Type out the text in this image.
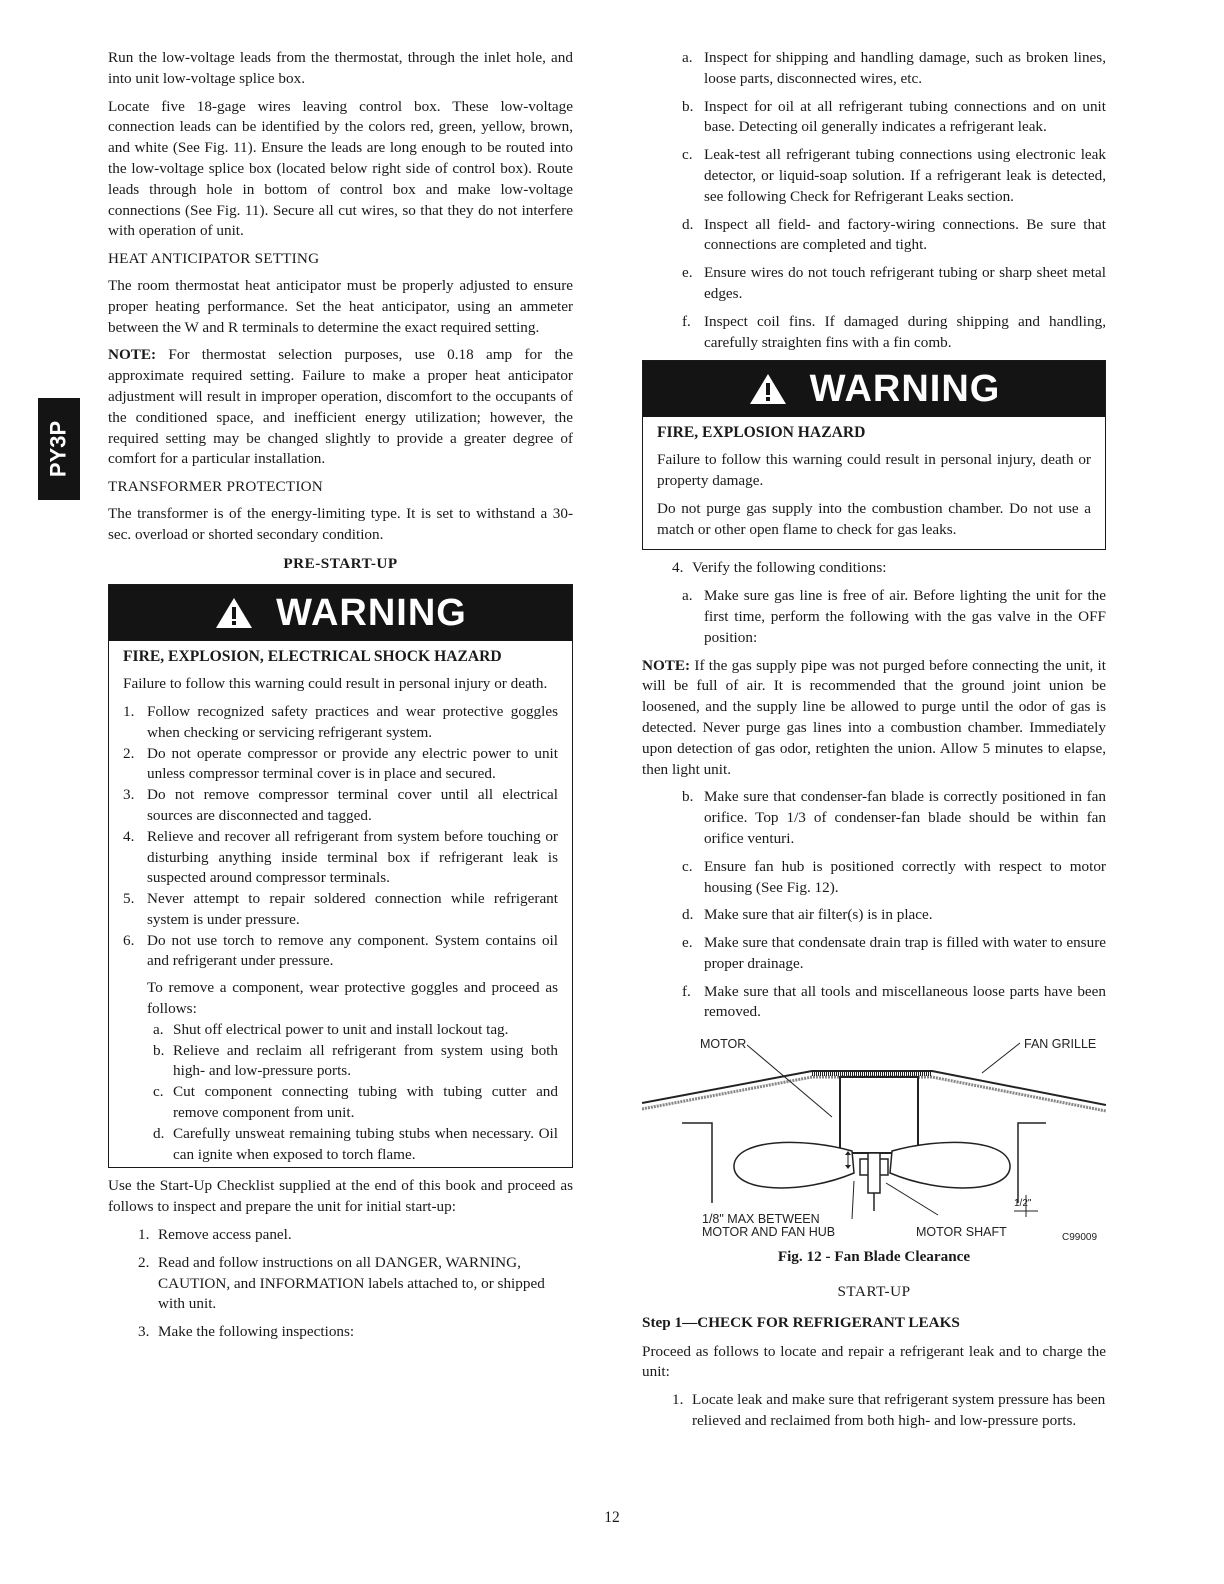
PY3P

Run the low-voltage leads from the thermostat, through the inlet hole, and into unit low-voltage splice box.

Locate five 18-gage wires leaving control box. These low-voltage connection leads can be identified by the colors red, green, yellow, brown, and white (See Fig. 11). Ensure the leads are long enough to be routed into the low-voltage splice box (located below right side of control box). Route leads through hole in bottom of control box and make low-voltage connections (See Fig. 11). Secure all cut wires, so that they do not interfere with operation of unit.

HEAT ANTICIPATOR SETTING

The room thermostat heat anticipator must be properly adjusted to ensure proper heating performance. Set the heat anticipator, using an ammeter between the W and R terminals to determine the exact required setting.

NOTE: For thermostat selection purposes, use 0.18 amp for the approximate required setting. Failure to make a proper heat anticipator adjustment will result in improper operation, discomfort to the occupants of the conditioned space, and inefficient energy utilization; however, the required setting may be changed slightly to provide a greater degree of comfort for a particular installation.

TRANSFORMER PROTECTION

The transformer is of the energy-limiting type. It is set to withstand a 30-sec. overload or shorted secondary condition.

PRE-START-UP

WARNING

FIRE, EXPLOSION, ELECTRICAL SHOCK HAZARD

Failure to follow this warning could result in personal injury or death.

1. Follow recognized safety practices and wear protective goggles when checking or servicing refrigerant system.
2. Do not operate compressor or provide any electric power to unit unless compressor terminal cover is in place and secured.
3. Do not remove compressor terminal cover until all electrical sources are disconnected and tagged.
4. Relieve and recover all refrigerant from system before touching or disturbing anything inside terminal box if refrigerant leak is suspected around compressor terminals.
5. Never attempt to repair soldered connection while refrigerant system is under pressure.
6. Do not use torch to remove any component. System contains oil and refrigerant under pressure.

To remove a component, wear protective goggles and proceed as follows:

a. Shut off electrical power to unit and install lockout tag.
b. Relieve and reclaim all refrigerant from system using both high- and low-pressure ports.
c. Cut component connecting tubing with tubing cutter and remove component from unit.
d. Carefully unsweat remaining tubing stubs when necessary. Oil can ignite when exposed to torch flame.

Use the Start-Up Checklist supplied at the end of this book and proceed as follows to inspect and prepare the unit for initial start-up:

1. Remove access panel.
2. Read and follow instructions on all DANGER, WARNING, CAUTION, and INFORMATION labels attached to, or shipped with unit.
3. Make the following inspections:
a. Inspect for shipping and handling damage, such as broken lines, loose parts, disconnected wires, etc.
b. Inspect for oil at all refrigerant tubing connections and on unit base. Detecting oil generally indicates a refrigerant leak.
c. Leak-test all refrigerant tubing connections using electronic leak detector, or liquid-soap solution. If a refrigerant leak is detected, see following Check for Refrigerant Leaks section.
d. Inspect all field- and factory-wiring connections. Be sure that connections are completed and tight.
e. Ensure wires do not touch refrigerant tubing or sharp sheet metal edges.
f. Inspect coil fins. If damaged during shipping and handling, carefully straighten fins with a fin comb.
WARNING

FIRE, EXPLOSION HAZARD

Failure to follow this warning could result in personal injury, death or property damage.

Do not purge gas supply into the combustion chamber. Do not use a match or other open flame to check for gas leaks.

4. Verify the following conditions:
a. Make sure gas line is free of air. Before lighting the unit for the first time, perform the following with the gas valve in the OFF position:

NOTE: If the gas supply pipe was not purged before connecting the unit, it will be full of air. It is recommended that the ground joint union be loosened, and the supply line be allowed to purge until the odor of gas is detected. Never purge gas lines into a combustion chamber. Immediately upon detection of gas odor, retighten the union. Allow 5 minutes to elapse, then light unit.

b. Make sure that condenser-fan blade is correctly positioned in fan orifice. Top 1/3 of condenser-fan blade should be within fan orifice venturi.
c. Ensure fan hub is positioned correctly with respect to motor housing (See Fig. 12).
d. Make sure that air filter(s) is in place.
e. Make sure that condensate drain trap is filled with water to ensure proper drainage.
f. Make sure that all tools and miscellaneous loose parts have been removed.
MOTOR	FAN GRILLE
1/8" MAX BETWEEN
MOTOR AND FAN HUB	MOTOR SHAFT
1/2"
C99009

Fig. 12 - Fan Blade Clearance

START-UP

Step 1—CHECK FOR REFRIGERANT LEAKS

Proceed as follows to locate and repair a refrigerant leak and to charge the unit:

1. Locate leak and make sure that refrigerant system pressure has been relieved and reclaimed from both high- and low-pressure ports.
12
